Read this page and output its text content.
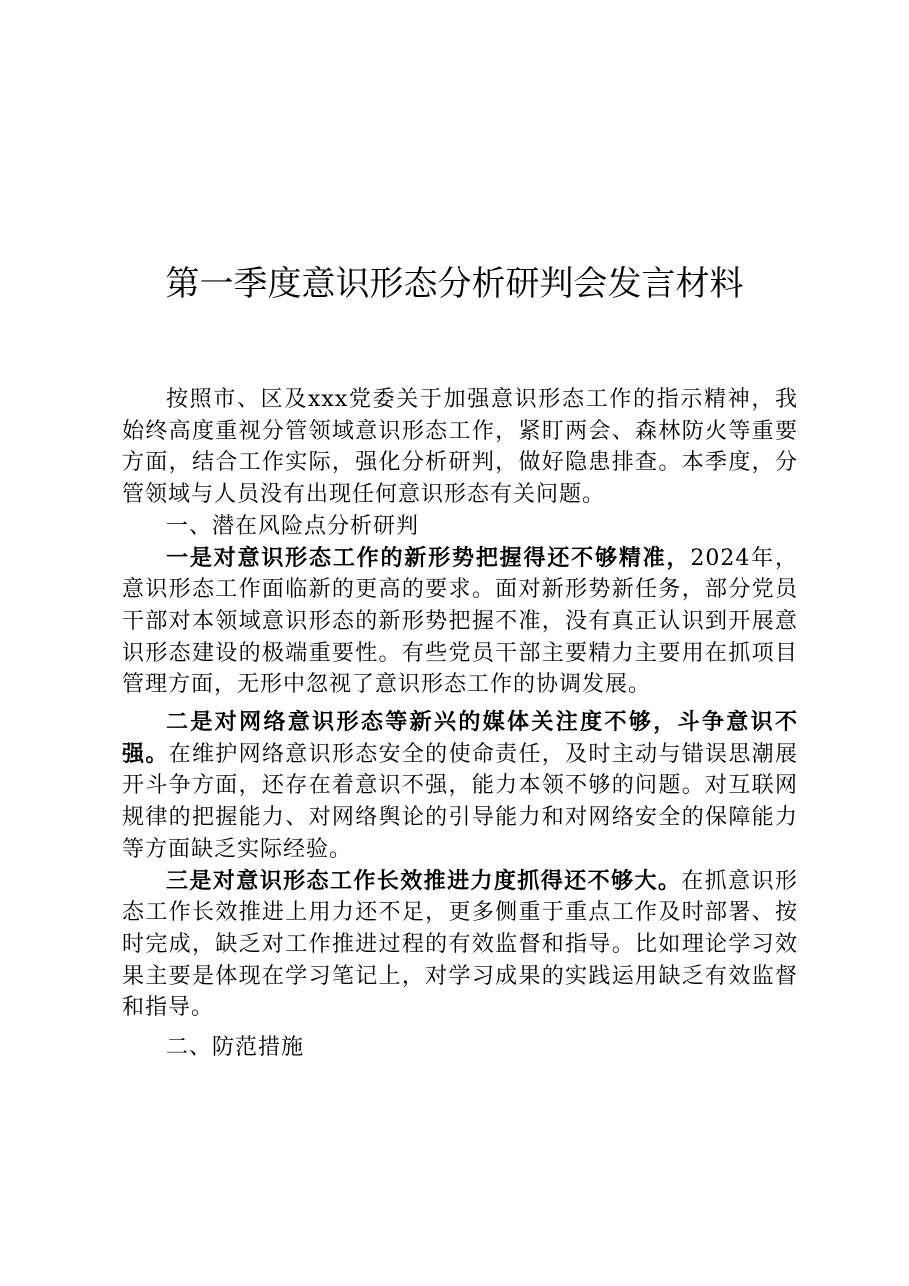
第一季度意识形态分析研判会发言材料

按照市、区及xxx党委关于加强意识形态工作的指示精神，我始终高度重视分管领域意识形态工作，紧盯两会、森林防火等重要方面，结合工作实际，强化分析研判，做好隐患排查。本季度，分管领域与人员没有出现任何意识形态有关问题。

一、潜在风险点分析研判

一是对意识形态工作的新形势把握得还不够精准，2024年，意识形态工作面临新的更高的要求。面对新形势新任务，部分党员干部对本领域意识形态的新形势把握不准，没有真正认识到开展意识形态建设的极端重要性。有些党员干部主要精力主要用在抓项目管理方面，无形中忽视了意识形态工作的协调发展。

二是对网络意识形态等新兴的媒体关注度不够，斗争意识不强。在维护网络意识形态安全的使命责任，及时主动与错误思潮展开斗争方面，还存在着意识不强，能力本领不够的问题。对互联网规律的把握能力、对网络舆论的引导能力和对网络安全的保障能力等方面缺乏实际经验。

三是对意识形态工作长效推进力度抓得还不够大。在抓意识形态工作长效推进上用力还不足，更多侧重于重点工作及时部署、按时完成，缺乏对工作推进过程的有效监督和指导。比如理论学习效果主要是体现在学习笔记上，对学习成果的实践运用缺乏有效监督和指导。

二、防范措施
